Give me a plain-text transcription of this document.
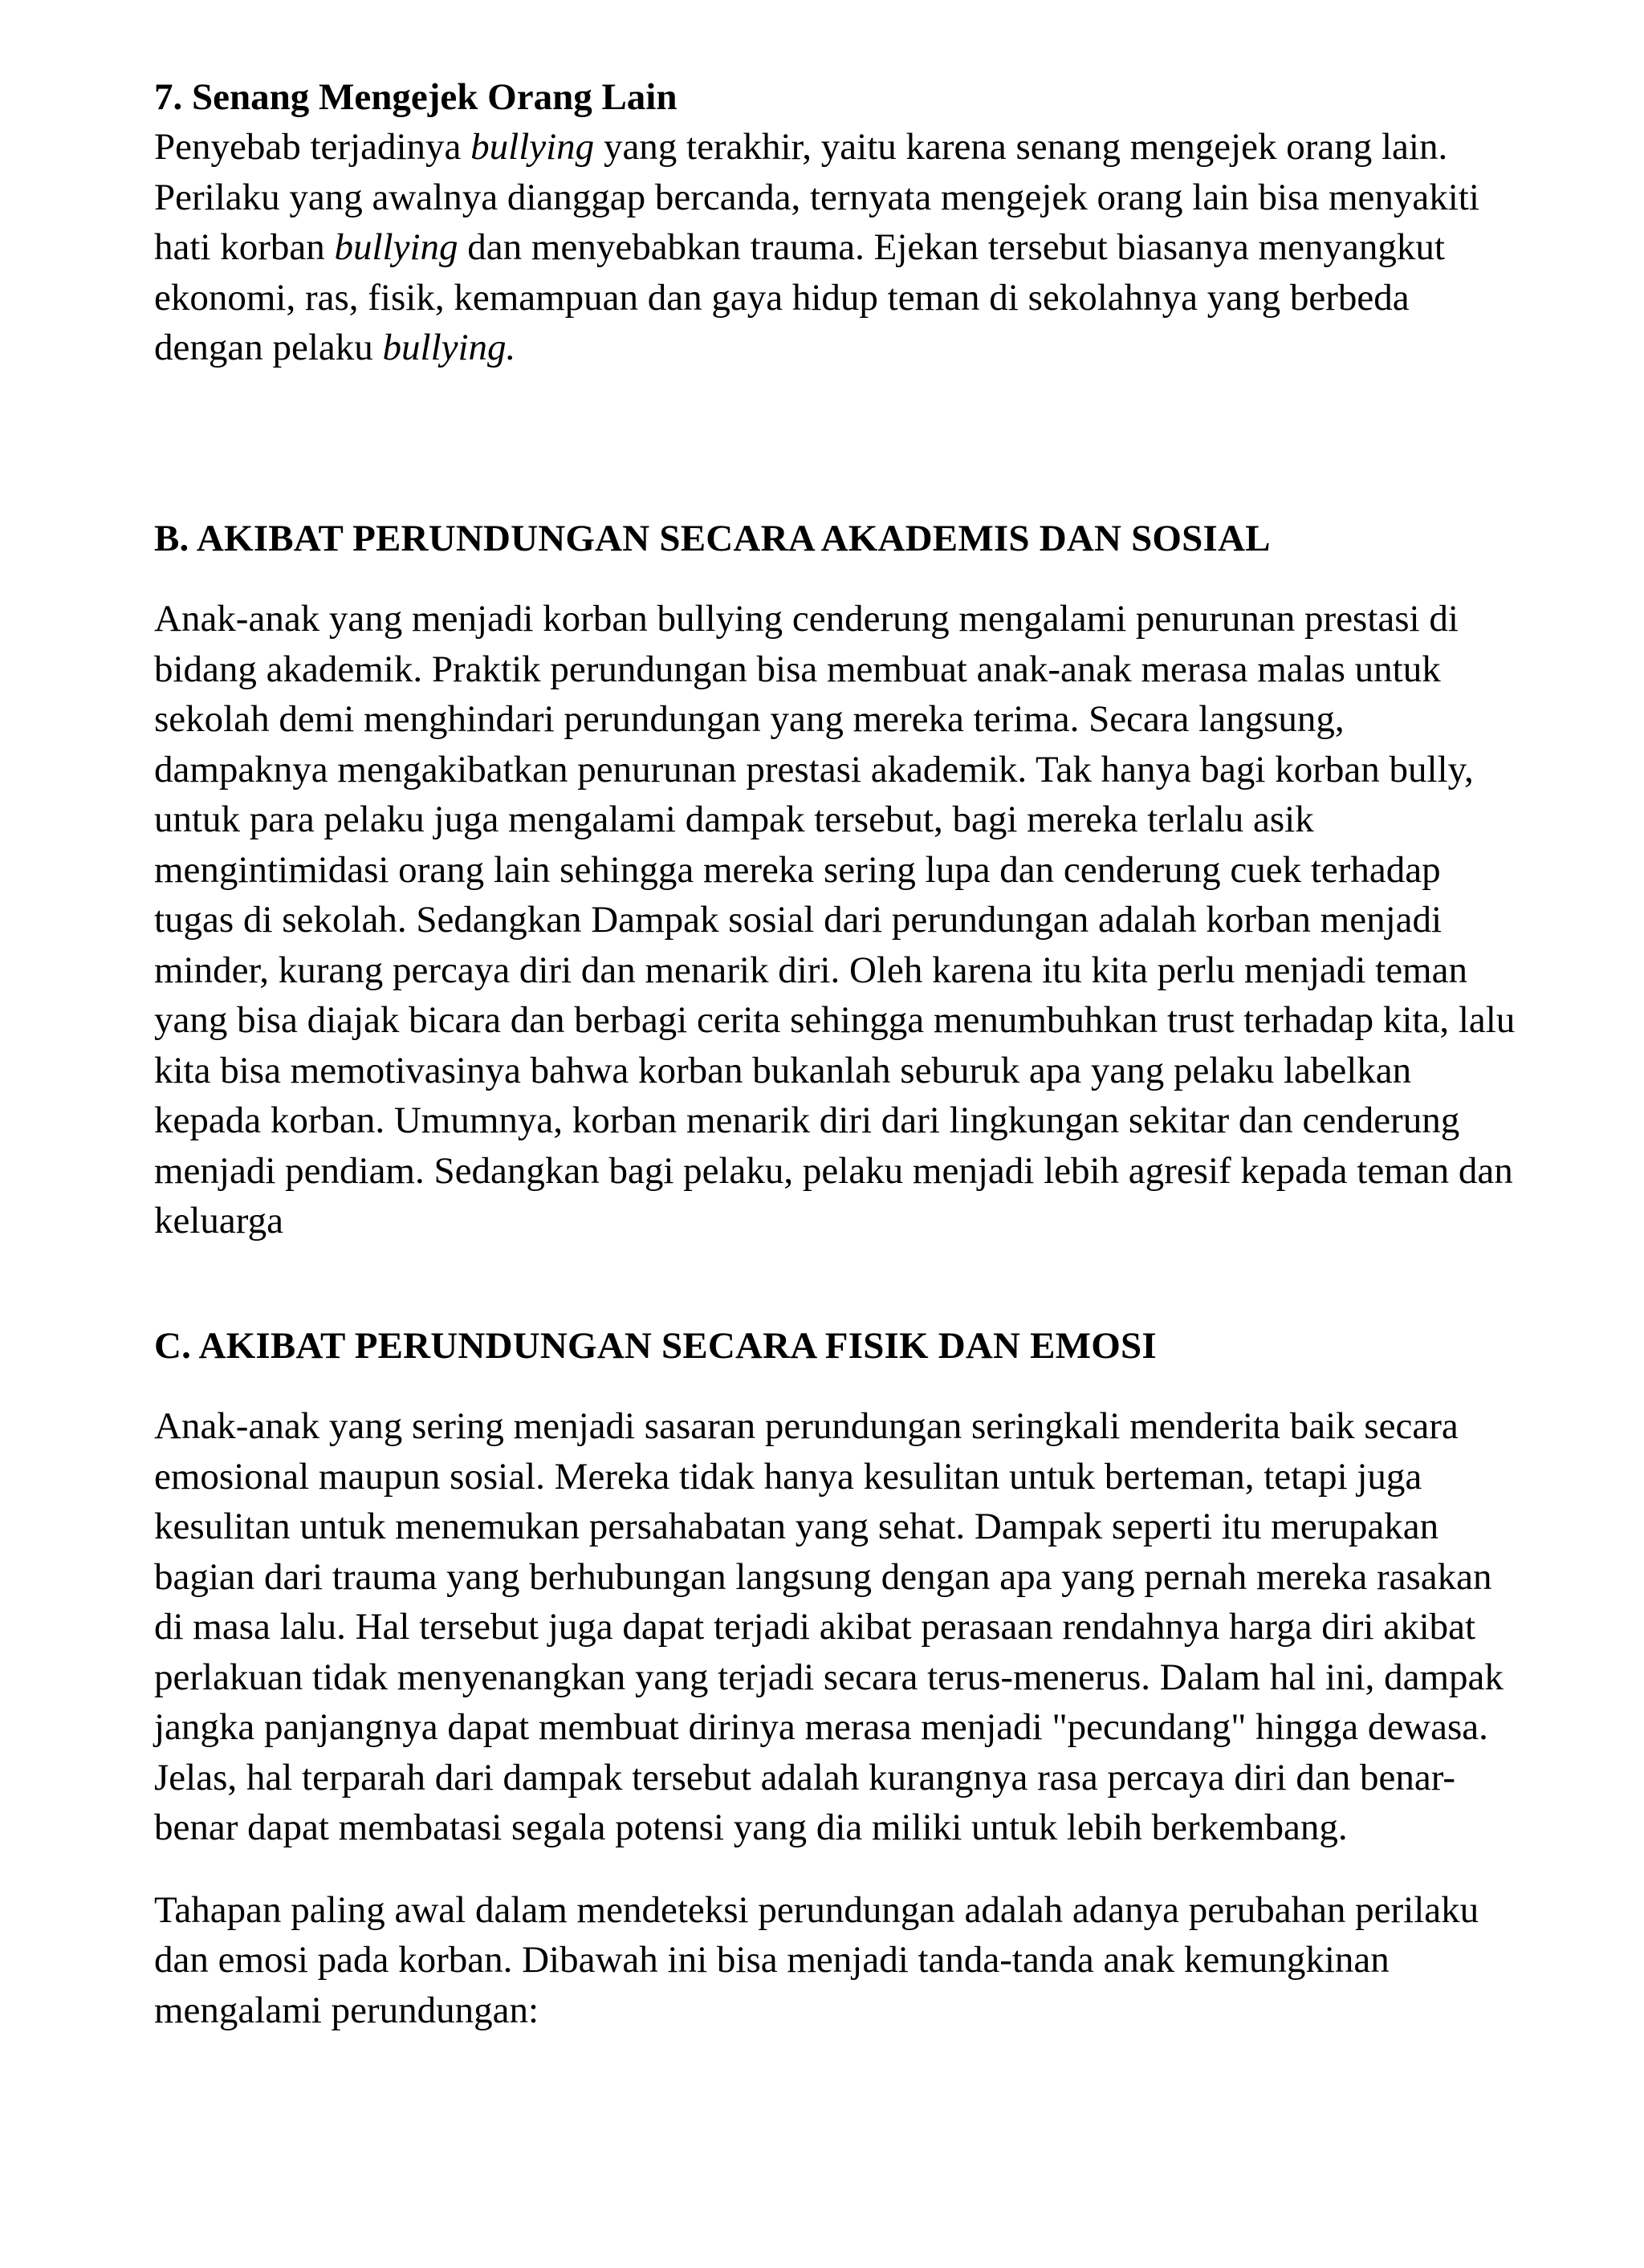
7. Senang Mengejek Orang Lain

Penyebab terjadinya bullying yang terakhir, yaitu karena senang mengejek orang lain. Perilaku yang awalnya dianggap bercanda, ternyata mengejek orang lain bisa menyakiti hati korban bullying dan menyebabkan trauma. Ejekan tersebut biasanya menyangkut ekonomi, ras, fisik, kemampuan dan gaya hidup teman di sekolahnya yang berbeda dengan pelaku bullying.

B. AKIBAT PERUNDUNGAN SECARA AKADEMIS DAN SOSIAL

Anak-anak yang menjadi korban bullying cenderung mengalami penurunan prestasi di bidang akademik. Praktik perundungan bisa membuat anak-anak merasa malas untuk sekolah demi menghindari perundungan yang mereka terima. Secara langsung, dampaknya mengakibatkan penurunan prestasi akademik. Tak hanya bagi korban bully, untuk para pelaku juga mengalami dampak tersebut, bagi mereka terlalu asik mengintimidasi orang lain sehingga mereka sering lupa dan cenderung cuek terhadap tugas di sekolah. Sedangkan Dampak sosial dari perundungan adalah korban menjadi minder, kurang percaya diri dan menarik diri. Oleh karena itu kita perlu menjadi teman yang bisa diajak bicara dan berbagi cerita sehingga menumbuhkan trust terhadap kita, lalu kita bisa memotivasinya bahwa korban bukanlah seburuk apa yang pelaku labelkan kepada korban. Umumnya, korban menarik diri dari lingkungan sekitar dan cenderung menjadi pendiam. Sedangkan bagi pelaku, pelaku menjadi lebih agresif kepada teman dan keluarga

C. AKIBAT PERUNDUNGAN SECARA FISIK DAN EMOSI

Anak-anak yang sering menjadi sasaran perundungan seringkali menderita baik secara emosional maupun sosial. Mereka tidak hanya kesulitan untuk berteman, tetapi juga kesulitan untuk menemukan persahabatan yang sehat. Dampak seperti itu merupakan bagian dari trauma yang berhubungan langsung dengan apa yang pernah mereka rasakan di masa lalu. Hal tersebut juga dapat terjadi akibat perasaan rendahnya harga diri akibat perlakuan tidak menyenangkan yang terjadi secara terus-menerus. Dalam hal ini, dampak jangka panjangnya dapat membuat dirinya merasa menjadi "pecundang" hingga dewasa. Jelas, hal terparah dari dampak tersebut adalah kurangnya rasa percaya diri dan benar-benar dapat membatasi segala potensi yang dia miliki untuk lebih berkembang.

Tahapan paling awal dalam mendeteksi perundungan adalah adanya perubahan perilaku dan emosi pada korban. Dibawah ini bisa menjadi tanda-tanda anak kemungkinan mengalami perundungan:
